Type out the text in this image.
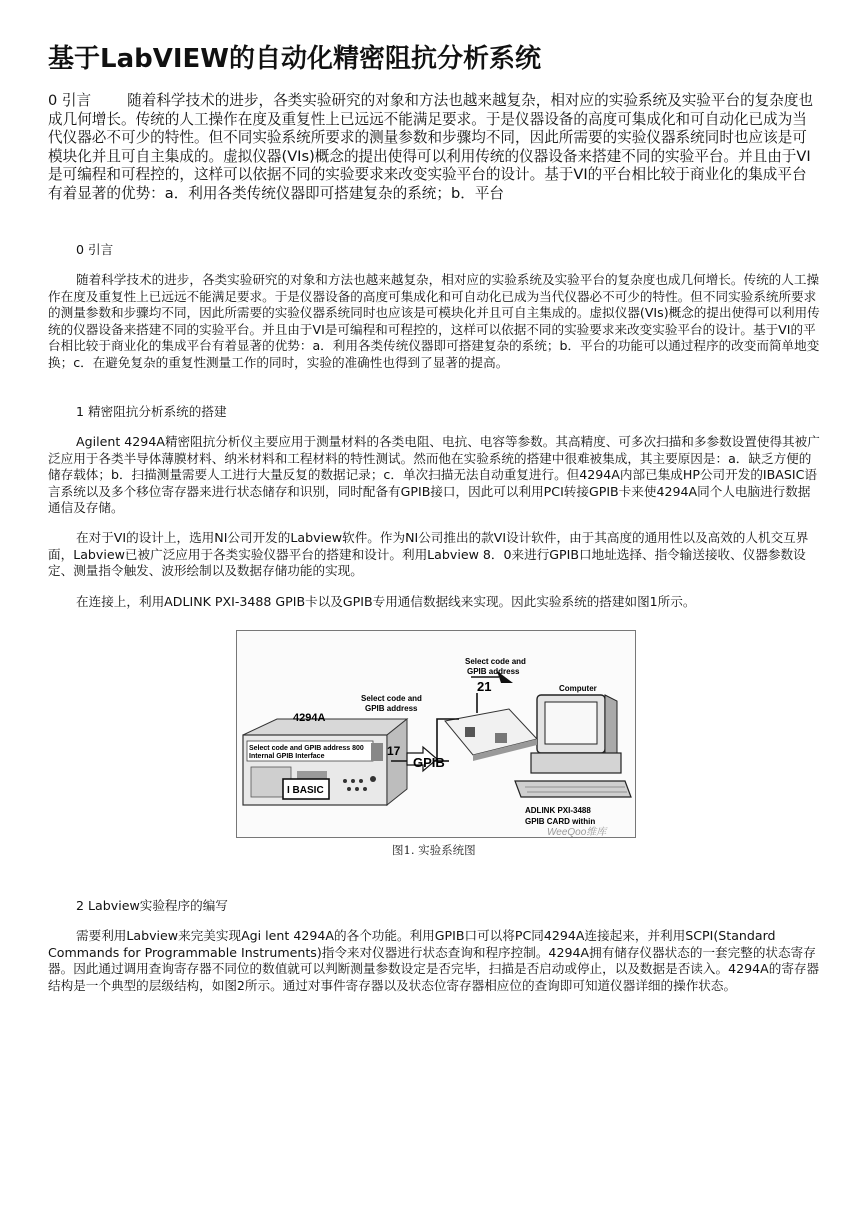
基于LabVIEW的自动化精密阻抗分析系统

0 引言 随着科学技术的进步，各类实验研究的对象和方法也越来越复杂，相对应的实验系统及实验平台的复杂度也成几何增长。传统的人工操作在度及重复性上已远远不能满足要求。于是仪器设备的高度可集成化和可自动化已成为当代仪器必不可少的特性。但不同实验系统所要求的测量参数和步骤均不同，因此所需要的实验仪器系统同时也应该是可模块化并且可自主集成的。虚拟仪器(VIs)概念的提出使得可以利用传统的仪器设备来搭建不同的实验平台。并且由于VI是可编程和可程控的，这样可以依据不同的实验要求来改变实验平台的设计。基于VI的平台相比较于商业化的集成平台有着显著的优势：a．利用各类传统仪器即可搭建复杂的系统；b．平台

0 引言

随着科学技术的进步，各类实验研究的对象和方法也越来越复杂，相对应的实验系统及实验平台的复杂度也成几何增长。传统的人工操作在度及重复性上已远远不能满足要求。于是仪器设备的高度可集成化和可自动化已成为当代仪器必不可少的特性。但不同实验系统所要求的测量参数和步骤均不同，因此所需要的实验仪器系统同时也应该是可模块化并且可自主集成的。虚拟仪器(VIs)概念的提出使得可以利用传统的仪器设备来搭建不同的实验平台。并且由于VI是可编程和可程控的，这样可以依据不同的实验要求来改变实验平台的设计。基于VI的平台相比较于商业化的集成平台有着显著的优势：a．利用各类传统仪器即可搭建复杂的系统；b．平台的功能可以通过程序的改变而简单地变换；c．在避免复杂的重复性测量工作的同时，实验的准确性也得到了显著的提高。

1 精密阻抗分析系统的搭建

Agilent 4294A精密阻抗分析仪主要应用于测量材料的各类电阻、电抗、电容等参数。其高精度、可多次扫描和多参数设置使得其被广泛应用于各类半导体薄膜材料、纳米材料和工程材料的特性测试。然而他在实验系统的搭建中很难被集成，其主要原因是：a．缺乏方便的储存载体；b．扫描测量需要人工进行大量反复的数据记录；c．单次扫描无法自动重复进行。但4294A内部已集成HP公司开发的IBASIC语言系统以及多个移位寄存器来进行状态储存和识别，同时配备有GPIB接口，因此可以利用PCI转接GPIB卡来使4294A同个人电脑进行数据通信及存储。

在对于VI的设计上，选用NI公司开发的Labview软件。作为NI公司推出的款VI设计软件，由于其高度的通用性以及高效的人机交互界面，Labview已被广泛应用于各类实验仪器平台的搭建和设计。利用Labview 8．0来进行GPIB口地址选择、指令输送接收、仪器参数设定、测量指令触发、波形绘制以及数据存储功能的实现。

在连接上，利用ADLINK PXI-3488 GPIB卡以及GPIB专用通信数据线来实现。因此实验系统的搭建如图1所示。

Select code and
GPIB address
21
Select code and
GPIB address
4294A
Computer
Select code and GPIB address 800
Internal GPIB Interface	17
GPIB
I BASIC
ADLINK PXI-3488
GPIB CARD within
WeeQoo维库
图1. 实验系统图

2 Labview实验程序的编写

需要利用Labview来完美实现Agi lent 4294A的各个功能。利用GPIB口可以将PC同4294A连接起来，并利用SCPI(Standard Commands for Programmable Instruments)指令来对仪器进行状态查询和程序控制。4294A拥有储存仪器状态的一套完整的状态寄存器。因此通过调用查询寄存器不同位的数值就可以判断测量参数设定是否完毕，扫描是否启动或停止，以及数据是否读入。4294A的寄存器结构是一个典型的层级结构，如图2所示。通过对事件寄存器以及状态位寄存器相应位的查询即可知道仪器详细的操作状态。
